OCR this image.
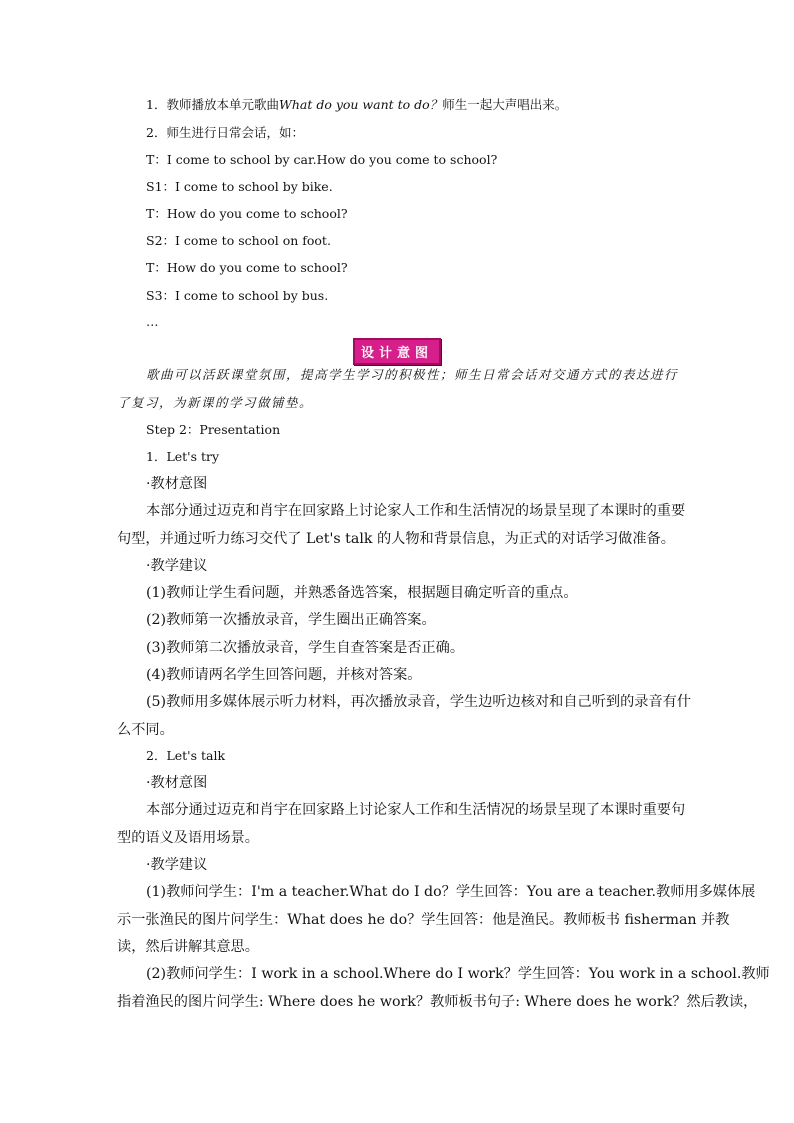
1．教师播放本单元歌曲What do you want to do？师生一起大声唱出来。
2．师生进行日常会话，如：
T：I come to school by car.How do you come to school?
S1：I come to school by bike.
T：How do you come to school?
S2：I come to school on foot.
T：How do you come to school?
S3：I come to school by bus.
…
设计意图
歌曲可以活跃课堂氛围，提高学生学习的积极性；师生日常会话对交通方式的表达进行
了复习，为新课的学习做铺垫。
Step 2：Presentation
1．Let's try
·教材意图
本部分通过迈克和肖宇在回家路上讨论家人工作和生活情况的场景呈现了本课时的重要
句型，并通过听力练习交代了 Let's talk 的人物和背景信息，为正式的对话学习做准备。
·教学建议
(1)教师让学生看问题，并熟悉备选答案，根据题目确定听音的重点。
(2)教师第一次播放录音，学生圈出正确答案。
(3)教师第二次播放录音，学生自查答案是否正确。
(4)教师请两名学生回答问题，并核对答案。
(5)教师用多媒体展示听力材料，再次播放录音，学生边听边核对和自己听到的录音有什
么不同。
2．Let's talk
·教材意图
本部分通过迈克和肖宇在回家路上讨论家人工作和生活情况的场景呈现了本课时重要句
型的语义及语用场景。
·教学建议
(1)教师问学生：I'm a teacher.What do I do？学生回答：You are a teacher.教师用多媒体展
示一张渔民的图片问学生：What does he do？学生回答：他是渔民。教师板书 fisherman 并教
读，然后讲解其意思。
(2)教师问学生：I work in a school.Where do I work？学生回答：You work in a school.教师
指着渔民的图片问学生: Where does he work？教师板书句子: Where does he work？然后教读，
